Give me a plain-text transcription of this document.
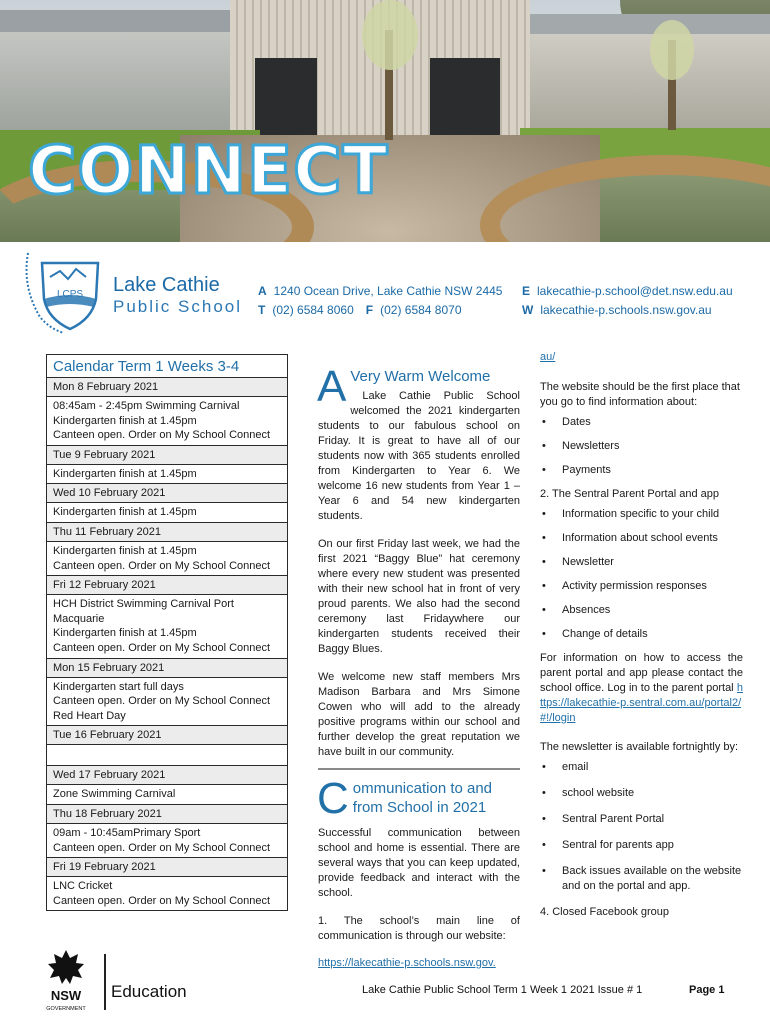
CONNECT
LCPS Lake Cathie
Public School
A 1240 Ocean Drive, Lake Cathie NSW 2445
T (02) 6584 8060 F (02) 6584 8070
E lakecathie-p.school@det.nsw.edu.au
W lakecathie-p.schools.nsw.gov.au
Calendar Term 1 Weeks 3-4
Mon 8 February 2021
08:45am - 2:45pm Swimming Carnival
Kindergarten finish at 1.45pm
Canteen open. Order on My School Connect
Tue 9 February 2021
Kindergarten finish at 1.45pm
Wed 10 February 2021
Kindergarten finish at 1.45pm
Thu 11 February 2021
Kindergarten finish at 1.45pm
Canteen open. Order on My School Connect
Fri 12 February 2021
HCH District Swimming Carnival Port
Macquarie
Kindergarten finish at 1.45pm
Canteen open. Order on My School Connect
Mon 15 February 2021
Kindergarten start full days
Canteen open. Order on My School Connect
Red Heart Day
Tue 16 February 2021
Wed 17 February 2021
Zone Swimming Carnival
Thu 18 February 2021
09am - 10:45amPrimary Sport
Canteen open. Order on My School Connect
Fri 19 February 2021
LNC Cricket
Canteen open. Order on My School Connect
A Very Warm Welcome
Lake Cathie Public School welcomed the 2021 kindergarten students to our fabulous school on Friday. It is great to have all of our students now with 365 students enrolled from Kindergarten to Year 6. We welcome 16 new students from Year 1 – Year 6 and 54 new kindergarten students.
On our first Friday last week, we had the first 2021 “Baggy Blue” hat ceremony where every new student was presented with their new school hat in front of very proud parents. We also had the second ceremony last Fridaywhere our kindergarten students received their Baggy Blues.
We welcome new staff members Mrs Madison Barbara and Mrs Simone Cowen who will add to the already positive programs within our school and further develop the great reputation we have built in our community.
C ommunication to and
from School in 2021
Successful communication between school and home is essential. There are several ways that you can keep updated, provide feedback and interact with the school.
1. The school’s main line of communication is through our website:
https://lakecathie-p.schools.nsw.gov.
au/
The website should be the first place that you go to find information about:
• Dates
• Newsletters
• Payments
2. The Sentral Parent Portal and app
• Information specific to your child
• Information about school events
• Newsletter
• Activity permission responses
• Absences
• Change of details
For information on how to access the parent portal and app please contact the school office. Log in to the parent portal https://lakecathie-p.sentral.com.au/portal2/#!/login
The newsletter is available fortnightly by:
• email
• school website
• Sentral Parent Portal
• Sentral for parents app
• Back issues available on the website and on the portal and app.
4. Closed Facebook group
NSW
GOVERNMENT
Education	Lake Cathie Public School Term 1 Week 1 2021 Issue # 1	Page 1
